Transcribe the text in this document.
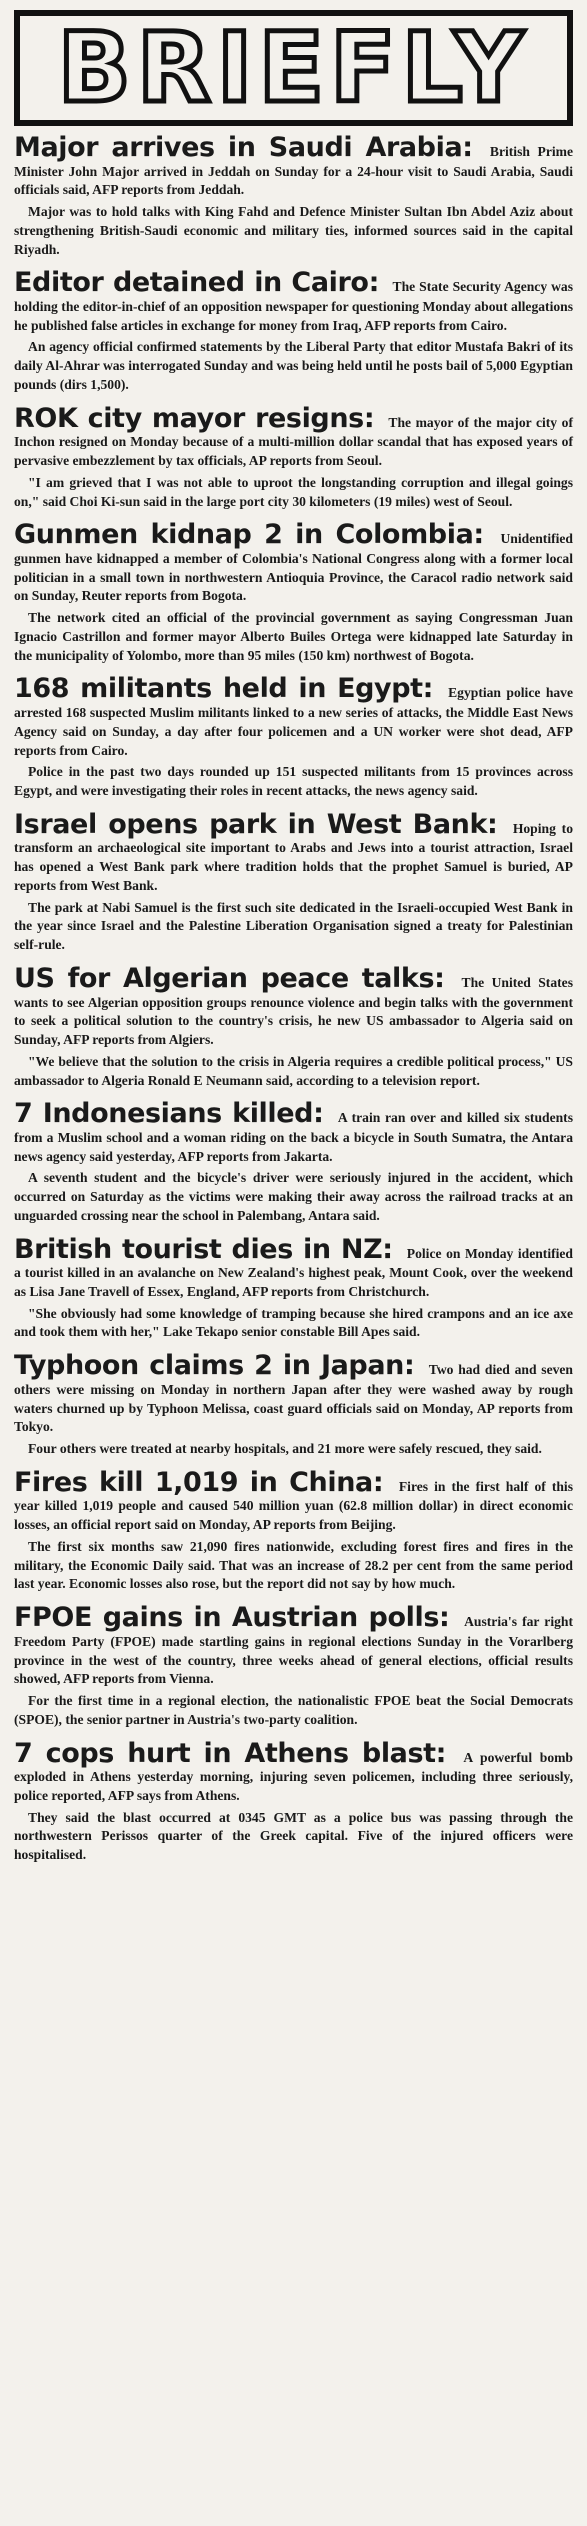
BRIEFLY

Major arrives in Saudi Arabia: British Prime Minister John Major arrived in Jeddah on Sunday for a 24-hour visit to Saudi Arabia, Saudi officials said, AFP reports from Jeddah.

Major was to hold talks with King Fahd and Defence Minister Sultan Ibn Abdel Aziz about strengthening British-Saudi economic and military ties, informed sources said in the capital Riyadh.

Editor detained in Cairo: The State Security Agency was holding the editor-in-chief of an opposition newspaper for questioning Monday about allegations he published false articles in exchange for money from Iraq, AFP reports from Cairo.

An agency official confirmed statements by the Liberal Party that editor Mustafa Bakri of its daily Al-Ahrar was interrogated Sunday and was being held until he posts bail of 5,000 Egyptian pounds (dirs 1,500).

ROK city mayor resigns: The mayor of the major city of Inchon resigned on Monday because of a multi-million dollar scandal that has exposed years of pervasive embezzlement by tax officials, AP reports from Seoul.

"I am grieved that I was not able to uproot the longstanding corruption and illegal goings on," said Choi Ki-sun said in the large port city 30 kilometers (19 miles) west of Seoul.

Gunmen kidnap 2 in Colombia: Unidentified gunmen have kidnapped a member of Colombia's National Congress along with a former local politician in a small town in northwestern Antioquia Province, the Caracol radio network said on Sunday, Reuter reports from Bogota.

The network cited an official of the provincial government as saying Congressman Juan Ignacio Castrillon and former mayor Alberto Builes Ortega were kidnapped late Saturday in the municipality of Yolombo, more than 95 miles (150 km) northwest of Bogota.

168 militants held in Egypt: Egyptian police have arrested 168 suspected Muslim militants linked to a new series of attacks, the Middle East News Agency said on Sunday, a day after four policemen and a UN worker were shot dead, AFP reports from Cairo.

Police in the past two days rounded up 151 suspected militants from 15 provinces across Egypt, and were investigating their roles in recent attacks, the news agency said.

Israel opens park in West Bank: Hoping to transform an archaeological site important to Arabs and Jews into a tourist attraction, Israel has opened a West Bank park where tradition holds that the prophet Samuel is buried, AP reports from West Bank.

The park at Nabi Samuel is the first such site dedicated in the Israeli-occupied West Bank in the year since Israel and the Palestine Liberation Organisation signed a treaty for Palestinian self-rule.

US for Algerian peace talks: The United States wants to see Algerian opposition groups renounce violence and begin talks with the government to seek a political solution to the country's crisis, he new US ambassador to Algeria said on Sunday, AFP reports from Algiers.

"We believe that the solution to the crisis in Algeria requires a credible political process," US ambassador to Algeria Ronald E Neumann said, according to a television report.

7 Indonesians killed: A train ran over and killed six students from a Muslim school and a woman riding on the back a bicycle in South Sumatra, the Antara news agency said yesterday, AFP reports from Jakarta.

A seventh student and the bicycle's driver were seriously injured in the accident, which occurred on Saturday as the victims were making their away across the railroad tracks at an unguarded crossing near the school in Palembang, Antara said.

British tourist dies in NZ: Police on Monday identified a tourist killed in an avalanche on New Zealand's highest peak, Mount Cook, over the weekend as Lisa Jane Travell of Essex, England, AFP reports from Christchurch.

"She obviously had some knowledge of tramping because she hired crampons and an ice axe and took them with her," Lake Tekapo senior constable Bill Apes said.

Typhoon claims 2 in Japan: Two had died and seven others were missing on Monday in northern Japan after they were washed away by rough waters churned up by Typhoon Melissa, coast guard officials said on Monday, AP reports from Tokyo.

Four others were treated at nearby hospitals, and 21 more were safely rescued, they said.

Fires kill 1,019 in China: Fires in the first half of this year killed 1,019 people and caused 540 million yuan (62.8 million dollar) in direct economic losses, an official report said on Monday, AP reports from Beijing.

The first six months saw 21,090 fires nationwide, excluding forest fires and fires in the military, the Economic Daily said. That was an increase of 28.2 per cent from the same period last year. Economic losses also rose, but the report did not say by how much.

FPOE gains in Austrian polls: Austria's far right Freedom Party (FPOE) made startling gains in regional elections Sunday in the Vorarlberg province in the west of the country, three weeks ahead of general elections, official results showed, AFP reports from Vienna.

For the first time in a regional election, the nationalistic FPOE beat the Social Democrats (SPOE), the senior partner in Austria's two-party coalition.

7 cops hurt in Athens blast: A powerful bomb exploded in Athens yesterday morning, injuring seven policemen, including three seriously, police reported, AFP says from Athens.

They said the blast occurred at 0345 GMT as a police bus was passing through the northwestern Perissos quarter of the Greek capital. Five of the injured officers were hospitalised.
